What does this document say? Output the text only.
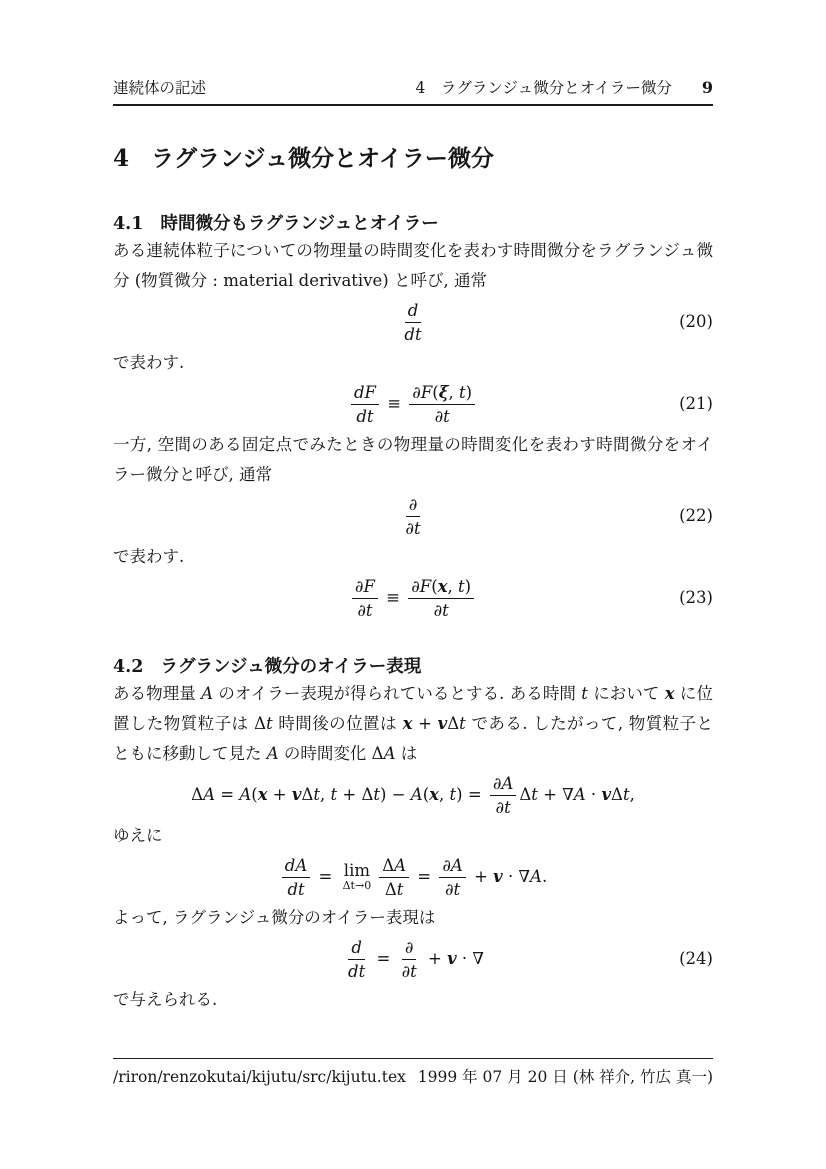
連続体の記述	4　ラグランジュ微分とオイラー微分 9
4 ラグランジュ微分とオイラー微分
4.1 時間微分もラグランジュとオイラー

ある連続体粒子についての物理量の時間変化を表わす時間微分をラグランジュ微分 (物質微分 : material derivative) と呼び, 通常

$\frac{d}{dt}$	(20)

で表わす.

$\frac{dF}{dt} \equiv \frac{\partial F(\xi, t)}{\partial t}$	(21)

一方, 空間のある固定点でみたときの物理量の時間変化を表わす時間微分をオイラー微分と呼び, 通常

$\frac{\partial}{\partial t}$	(22)

で表わす.

$\frac{\partial F}{\partial t} \equiv \frac{\partial F(x, t)}{\partial t}$	(23)
4.2 ラグランジュ微分のオイラー表現

ある物理量 A のオイラー表現が得られているとする. ある時間 t において x に位置した物質粒子は Δt 時間後の位置は x + vΔt である. したがって, 物質粒子とともに移動して見た A の時間変化 ΔA は

ΔA = A(x + vΔt, t + Δt) − A(x, $t) = \frac{\partial A}{\partial t}$ Δt + ∇A · vΔt,

ゆえに

$\frac{dA}{dt} = \lim$
$\Delta t\to 0 \frac{\Delta A}{\Delta t} = \frac{\partial A}{\partial t} + v \cdot \nabla A$.

よって, ラグランジュ微分のオイラー表現は

$\frac{d}{dt} = \frac{\partial}{\partial t} + v$ · ∇	(24)

で与えられる.

/riron/renzokutai/kijutu/src/kijutu.tex 1999 年 07 月 20 日 (林 祥介, 竹広 真一)
